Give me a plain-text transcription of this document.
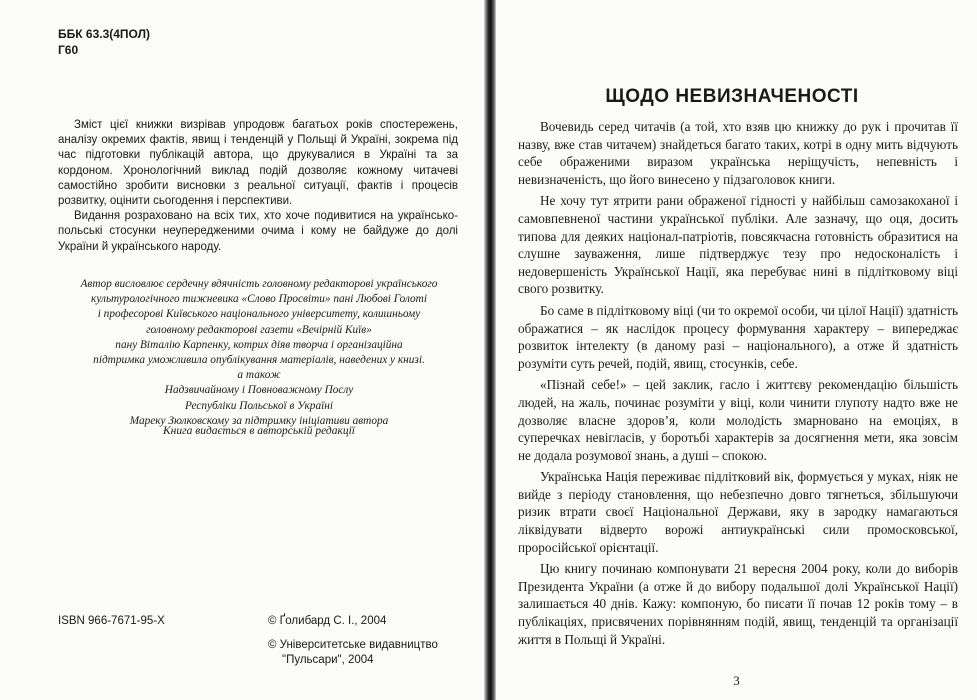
ББК 63.3(4ПОЛ)
Г60

Зміст цієї книжки визрівав упродовж багатьох років спостережень, аналізу окремих фактів, явищ і тенденцій у Польщі й Україні, зокрема під час підготовки публікацій автора, що друкувалися в Україні та за кордоном. Хронологічний виклад подій дозволяє кожному читачеві самостійно зробити висновки з реальної ситуації, фактів і процесів розвитку, оцінити сьогодення і перспективи.

Видання розраховано на всіх тих, хто хоче подивитися на українсько-польські стосунки неупередженими очима і кому не байдуже до долі України й українського народу.

Автор висловлює сердечну вдячність головному редакторові українського
культурологічного тижневика «Слово Просвіти» пані Любові Голоті
і професорові Київського національного університету, колишньому
головному редакторові газети «Вечірній Київ»
пану Віталію Карпенку, котрих діяв творча і організаційна
підтримка уможливила опублікування матеріалів, наведених у книзі.
а також
Надзвичайному і Повноважному Послу
Республіки Польської в Україні
Мареку Зюлковскому за підтримку ініціативи автора
Книга видається в авторській редакції
ISBN 966-7671-95-X	© Ґолибард С. І., 2004
© Університетське видавництво
"Пульсари", 2004
ЩОДО НЕВИЗНАЧЕНОСТІ

Вочевидь серед читачів (а той, хто взяв цю книжку до рук і прочитав її назву, вже став читачем) знайдеться багато таких, котрі в одну мить відчують себе ображеними виразом українська неріщучість, непевність і невизначеність, що його винесено у підзаголовок книги.

Не хочу тут ятрити рани ображеної гідності у найбільш самозакоханої і самовпевненої частини української публіки. Але зазначу, що оця, досить типова для деяких націонал-патріотів, повсякчасна готовність образитися на слушне зауваження, лише підтверджує тезу про недосконалість і недовершеність Української Нації, яка перебуває нині в підлітковому віці свого розвитку.

Бо саме в підлітковому віці (чи то окремої особи, чи цілої Нації) здатність ображатися – як наслідок процесу формування характеру – випереджає розвиток інтелекту (в даному разі – національного), а отже й здатність розуміти суть речей, подій, явищ, стосунків, себе.

«Пізнай себе!» – цей заклик, гасло і життєву рекомендацію більшість людей, на жаль, починає розуміти у віці, коли чинити глупоту надто вже не дозволяє власне здоров’я, коли молодість змарновано на емоціях, в суперечках невігласів, у боротьбі характерів за досягнення мети, яка зовсім не додала розумової знань, а душі – спокою.

Українська Нація переживає підлітковий вік, формується у муках, ніяк не вийде з періоду становлення, що небезпечно довго тягнеться, збільшуючи ризик втрати своєї Національної Держави, яку в зародку намагаються ліквідувати відверто ворожі антиукраїнські сили промосковської, проросійської орієнтації.

Цю книгу починаю компонувати 21 вересня 2004 року, коли до виборів Президента України (а отже й до вибору подальшої долі Української Нації) залишається 40 днів. Кажу: компоную, бо писати її почав 12 років тому – в публікаціях, присвячених порівнянням подій, явищ, тенденцій та організації життя в Польщі й Україні.

3
